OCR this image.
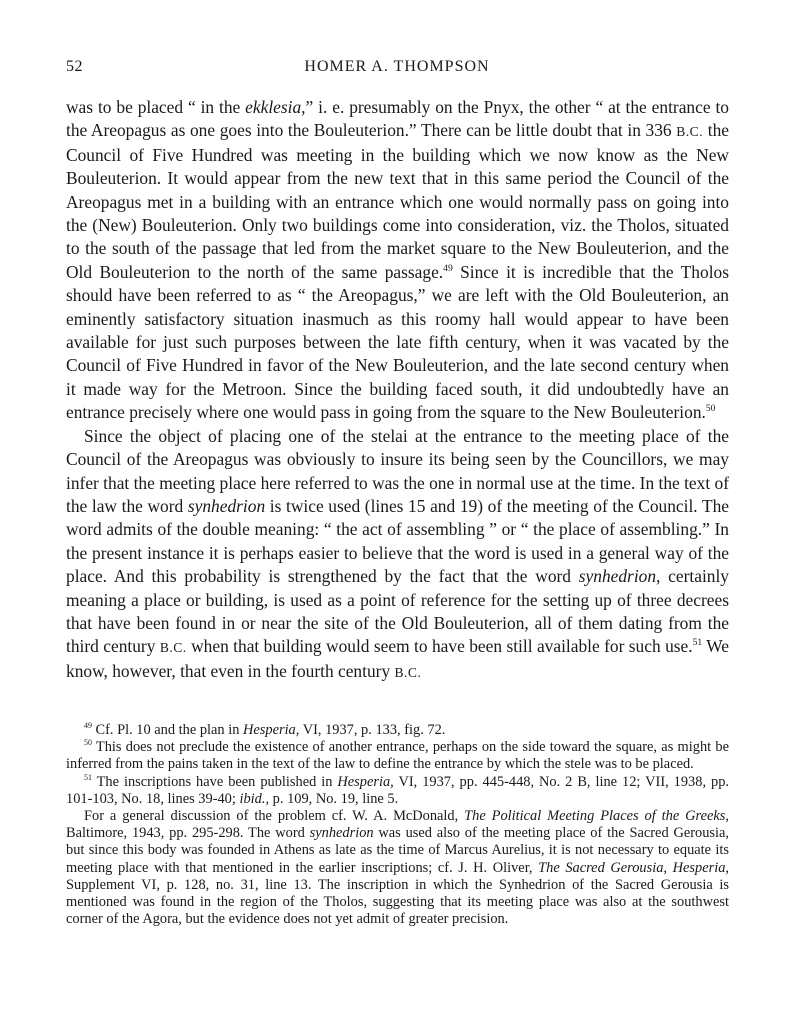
52	HOMER A. THOMPSON

was to be placed “ in the ekklesia,” i. e. presumably on the Pnyx, the other “ at the entrance to the Areopagus as one goes into the Bouleuterion.” There can be little doubt that in 336 B.C. the Council of Five Hundred was meeting in the building which we now know as the New Bouleuterion. It would appear from the new text that in this same period the Council of the Areopagus met in a building with an entrance which one would normally pass on going into the (New) Bouleuterion. Only two buildings come into consideration, viz. the Tholos, situated to the south of the passage that led from the market square to the New Bouleuterion, and the Old Bouleuterion to the north of the same passage.$^{49}$ Since it is incredible that the Tholos should have been referred to as “ the Areopagus,” we are left with the Old Bouleuterion, an eminently satisfactory situation inasmuch as this roomy hall would appear to have been available for just such purposes between the late fifth century, when it was vacated by the Council of Five Hundred in favor of the New Bouleuterion, and the late second century when it made way for the Metroon. Since the building faced south, it did undoubtedly have an entrance precisely where one would pass in going from the square to the New Bouleuterion.$^{50}$

Since the object of placing one of the stelai at the entrance to the meeting place of the Council of the Areopagus was obviously to insure its being seen by the Councillors, we may infer that the meeting place here referred to was the one in normal use at the time. In the text of the law the word synhedrion is twice used (lines 15 and 19) of the meeting of the Council. The word admits of the double meaning: “ the act of assembling ” or “ the place of assembling.” In the present instance it is perhaps easier to believe that the word is used in a general way of the place. And this probability is strengthened by the fact that the word synhedrion, certainly meaning a place or building, is used as a point of reference for the setting up of three decrees that have been found in or near the site of the Old Bouleuterion, all of them dating from the third century B.C. when that building would seem to have been still available for such use.$^{51}$ We know, however, that even in the fourth century B.C.

$^{49}$ Cf. Pl. 10 and the plan in Hesperia, VI, 1937, p. 133, fig. 72.

$^{50}$ This does not preclude the existence of another entrance, perhaps on the side toward the square, as might be inferred from the pains taken in the text of the law to define the entrance by which the stele was to be placed.

$^{51}$ The inscriptions have been published in Hesperia, VI, 1937, pp. 445-448, No. 2 B, line 12; VII, 1938, pp. 101-103, No. 18, lines 39-40; ibid., p. 109, No. 19, line 5.

For a general discussion of the problem cf. W. A. McDonald, The Political Meeting Places of the Greeks, Baltimore, 1943, pp. 295-298. The word synhedrion was used also of the meeting place of the Sacred Gerousia, but since this body was founded in Athens as late as the time of Marcus Aurelius, it is not necessary to equate its meeting place with that mentioned in the earlier inscriptions; cf. J. H. Oliver, The Sacred Gerousia, Hesperia, Supplement VI, p. 128, no. 31, line 13. The inscription in which the Synhedrion of the Sacred Gerousia is mentioned was found in the region of the Tholos, suggesting that its meeting place was also at the southwest corner of the Agora, but the evidence does not yet admit of greater precision.
